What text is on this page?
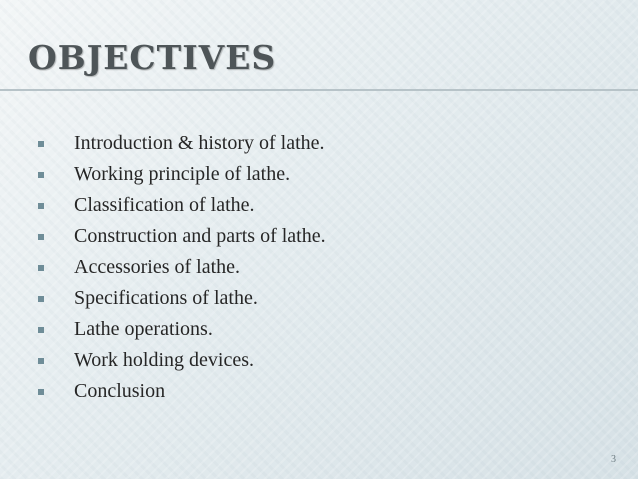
OBJECTIVES
Introduction & history of lathe.
Working principle of lathe.
Classification of lathe.
Construction and parts of lathe.
Accessories of lathe.
Specifications of lathe.
Lathe operations.
Work holding devices.
Conclusion
3
